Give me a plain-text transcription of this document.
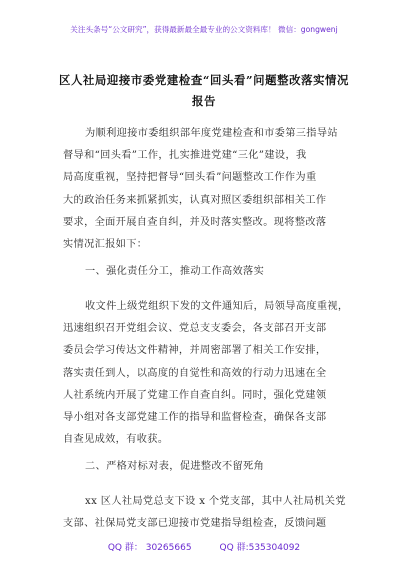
关注头条号“公文研究”，获得最新最全最专业的公文资料库！ 微信：gongwenj
区人社局迎接市委党建检查“回头看”问题整改落实情况
报告
为顺利迎接市委组织部年度党建检查和市委第三指导站
督导和“回头看”工作，扎实推进党建“三化”建设，我
局高度重视，坚持把督导“回头看”问题整改工作作为重
大的政治任务来抓紧抓实，认真对照区委组织部相关工作
要求，全面开展自查自纠，并及时落实整改。现将整改落
实情况汇报如下：
一、强化责任分工，推动工作高效落实
收文件上级党组织下发的文件通知后，局领导高度重视，
迅速组织召开党组会议、党总支支委会，各支部召开支部
委员会学习传达文件精神，并周密部署了相关工作安排，
落实责任到人，以高度的自觉性和高效的行动力迅速在全
人社系统内开展了党建工作自查自纠。同时，强化党建领
导小组对各支部党建工作的指导和监督检查，确保各支部
自查见成效，有收获。
二、严格对标对表，促进整改不留死角
xx 区人社局党总支下设 x 个党支部，其中人社局机关党
支部、社保局党支部已迎接市党建指导组检查，反馈问题
QQ 群： 30265665	QQ 群:535304092
